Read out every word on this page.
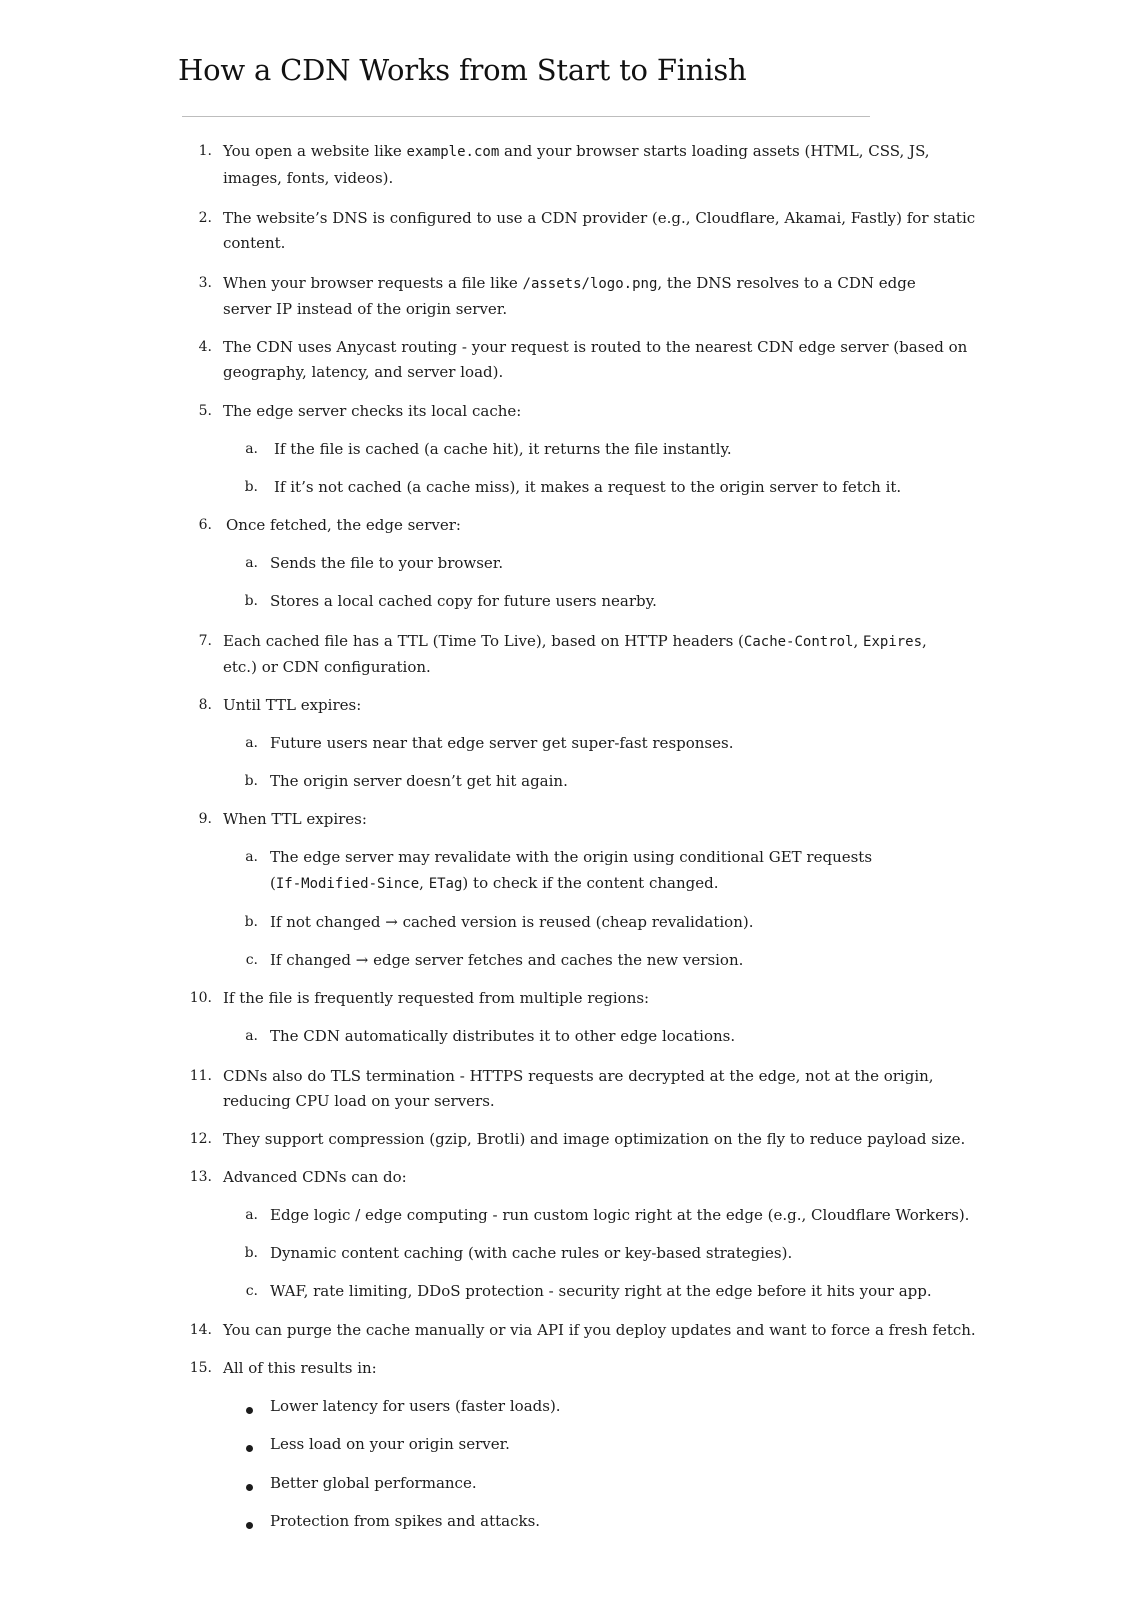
How a CDN Works from Start to Finish
1. You open a website like example.com and your browser starts loading assets (HTML, CSS, JS,
images, fonts, videos).
2. The website’s DNS is configured to use a CDN provider (e.g., Cloudflare, Akamai, Fastly) for static
content.
3. When your browser requests a file like /assets/logo.png, the DNS resolves to a CDN edge
server IP instead of the origin server.
4. The CDN uses Anycast routing - your request is routed to the nearest CDN edge server (based on
geography, latency, and server load).
5. The edge server checks its local cache:
a. If the file is cached (a cache hit), it returns the file instantly.
b. If it’s not cached (a cache miss), it makes a request to the origin server to fetch it.
6. Once fetched, the edge server:
a. Sends the file to your browser.
b. Stores a local cached copy for future users nearby.
7. Each cached file has a TTL (Time To Live), based on HTTP headers (Cache-Control, Expires,
etc.) or CDN configuration.
8. Until TTL expires:
a. Future users near that edge server get super-fast responses.
b. The origin server doesn’t get hit again.
9. When TTL expires:
a. The edge server may revalidate with the origin using conditional GET requests
(If-Modified-Since, ETag) to check if the content changed.
b. If not changed → cached version is reused (cheap revalidation).
c. If changed → edge server fetches and caches the new version.
10. If the file is frequently requested from multiple regions:
a. The CDN automatically distributes it to other edge locations.
11. CDNs also do TLS termination - HTTPS requests are decrypted at the edge, not at the origin,
reducing CPU load on your servers.
12. They support compression (gzip, Brotli) and image optimization on the fly to reduce payload size.
13. Advanced CDNs can do:
a. Edge logic / edge computing - run custom logic right at the edge (e.g., Cloudflare Workers).
b. Dynamic content caching (with cache rules or key-based strategies).
c. WAF, rate limiting, DDoS protection - security right at the edge before it hits your app.
14. You can purge the cache manually or via API if you deploy updates and want to force a fresh fetch.
15. All of this results in:
Lower latency for users (faster loads).
Less load on your origin server.
Better global performance.
Protection from spikes and attacks.
